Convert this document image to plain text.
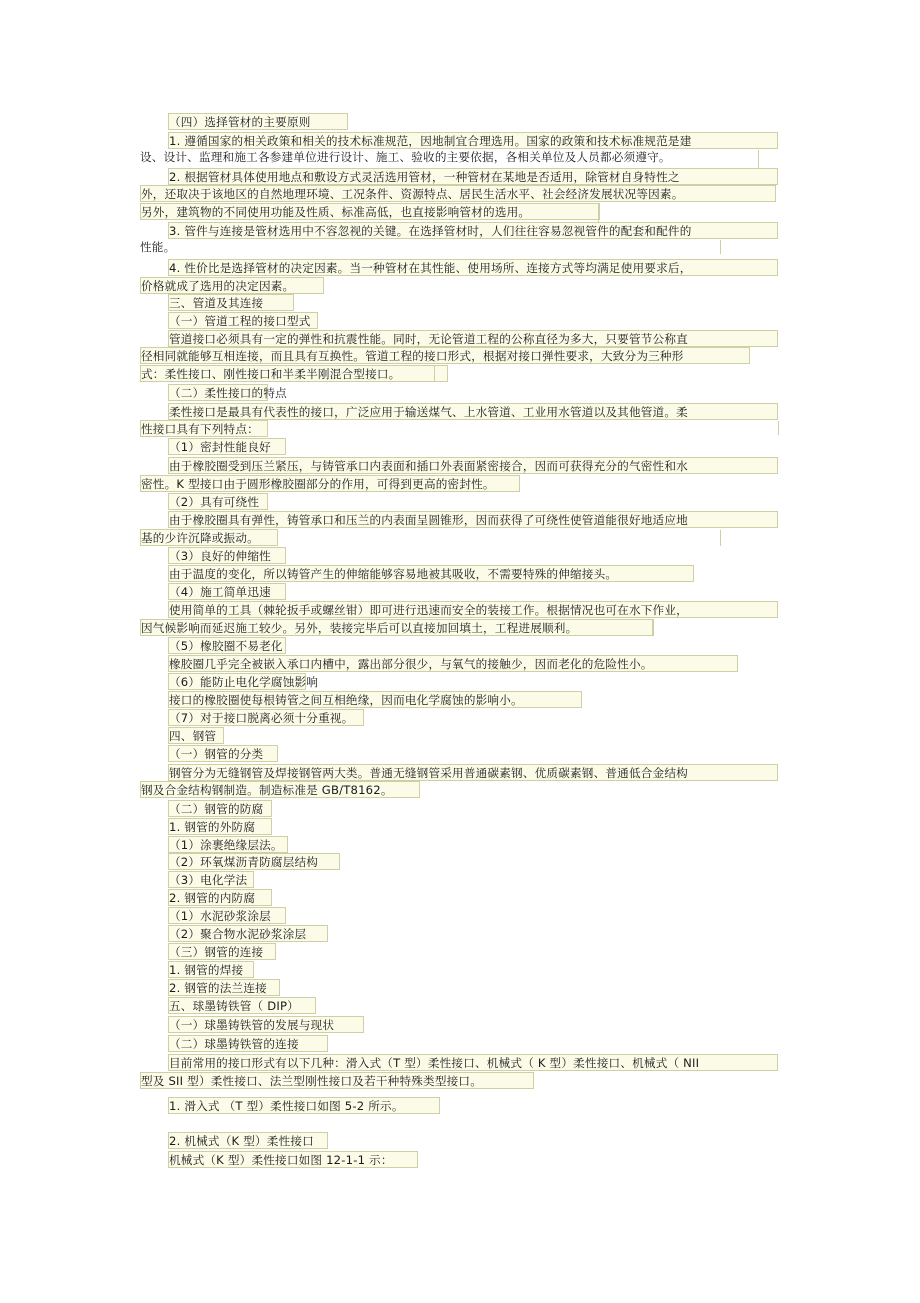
（四）选择管材的主要原则
1. 遵循国家的相关政策和相关的技术标准规范，因地制宜合理选用。国家的政策和技术标准规范是建
设、设计、监理和施工各参建单位进行设计、施工、验收的主要依据，各相关单位及人员都必须遵守。
2. 根据管材具体使用地点和敷设方式灵活选用管材，一种管材在某地是否适用，除管材自身特性之
外，还取决于该地区的自然地理环境、工况条件、资源特点、居民生活水平、社会经济发展状况等因素。
另外，建筑物的不同使用功能及性质、标准高低，也直接影响管材的选用。
3. 管件与连接是管材选用中不容忽视的关键。在选择管材时，人们往往容易忽视管件的配套和配件的
性能。
4. 性价比是选择管材的决定因素。当一种管材在其性能、使用场所、连接方式等均满足使用要求后，
价格就成了选用的决定因素。
三、管道及其连接
（一）管道工程的接口型式
管道接口必须具有一定的弹性和抗震性能。同时，无论管道工程的公称直径为多大，只要管节公称直
径相同就能够互相连接，而且具有互换性。管道工程的接口形式，根据对接口弹性要求，大致分为三种形
式：柔性接口、刚性接口和半柔半刚混合型接口。
（二）柔性接口的特点
柔性接口是最具有代表性的接口，广泛应用于输送煤气、上水管道、工业用水管道以及其他管道。柔
性接口具有下列特点：
（1）密封性能良好
由于橡胶圈受到压兰紧压，与铸管承口内表面和插口外表面紧密接合，因而可获得充分的气密性和水
密性。K 型接口由于圆形橡胶圈部分的作用，可得到更高的密封性。
（2）具有可绕性
由于橡胶圈具有弹性，铸管承口和压兰的内表面呈圆锥形，因而获得了可绕性使管道能很好地适应地
基的少许沉降或振动。
（3）良好的伸缩性
由于温度的变化，所以铸管产生的伸缩能够容易地被其吸收，不需要特殊的伸缩接头。
（4）施工简单迅速
使用简单的工具（棘轮扳手或螺丝钳）即可进行迅速而安全的装接工作。根据情况也可在水下作业，
因气候影响而延迟施工较少。另外，装接完毕后可以直接加回填土，工程进展顺利。
（5）橡胶圈不易老化
橡胶圈几乎完全被嵌入承口内槽中，露出部分很少，与氧气的接触少，因而老化的危险性小。
（6）能防止电化学腐蚀影响
接口的橡胶圈使每根铸管之间互相绝缘，因而电化学腐蚀的影响小。
（7）对于接口脱离必须十分重视。
四、钢管
（一）钢管的分类
钢管分为无缝钢管及焊接钢管两大类。普通无缝钢管采用普通碳素钢、优质碳素钢、普通低合金结构
钢及合金结构钢制造。制造标准是 GB/T8162。
（二）钢管的防腐
1. 钢管的外防腐
（1）涂裹绝缘层法。
（2）环氧煤沥青防腐层结构
（3）电化学法
2. 钢管的内防腐
（1）水泥砂浆涂层
（2）聚合物水泥砂浆涂层
（三）钢管的连接
1. 钢管的焊接
2. 钢管的法兰连接
五、球墨铸铁管（ DIP）
（一）球墨铸铁管的发展与现状
（二）球墨铸铁管的连接
目前常用的接口形式有以下几种：滑入式（T 型）柔性接口、机械式（ K 型）柔性接口、机械式（ NII
型及 SII 型）柔性接口、法兰型刚性接口及若干种特殊类型接口。
1. 滑入式 （T 型）柔性接口如图 5-2 所示。
2. 机械式（K 型）柔性接口
机械式（K 型）柔性接口如图 12-1-1 示：
